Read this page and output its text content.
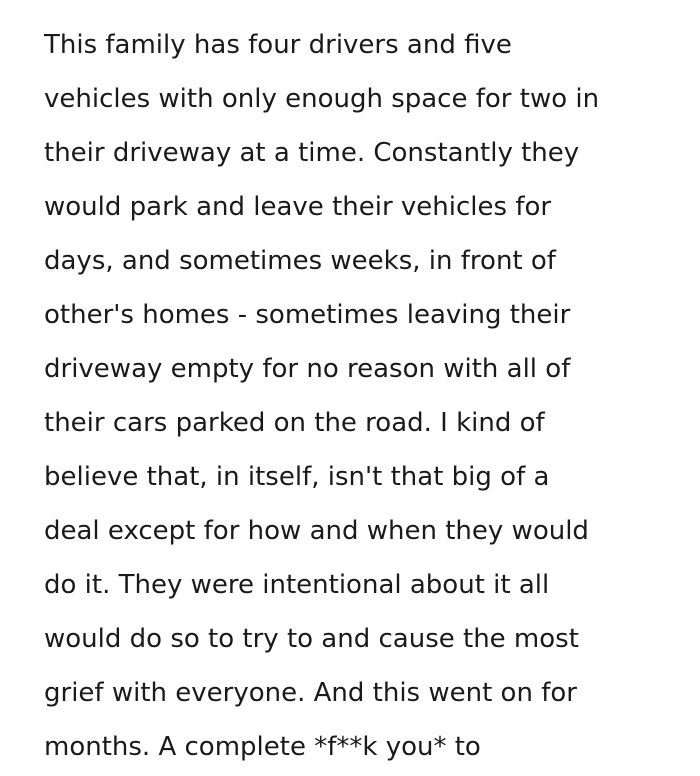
This family has four drivers and five
vehicles with only enough space for two in
their driveway at a time. Constantly they
would park and leave their vehicles for
days, and sometimes weeks, in front of
other's homes - sometimes leaving their
driveway empty for no reason with all of
their cars parked on the road. I kind of
believe that, in itself, isn't that big of a
deal except for how and when they would
do it. They were intentional about it all
would do so to try to and cause the most
grief with everyone. And this went on for
months. A complete *f**k you* to
